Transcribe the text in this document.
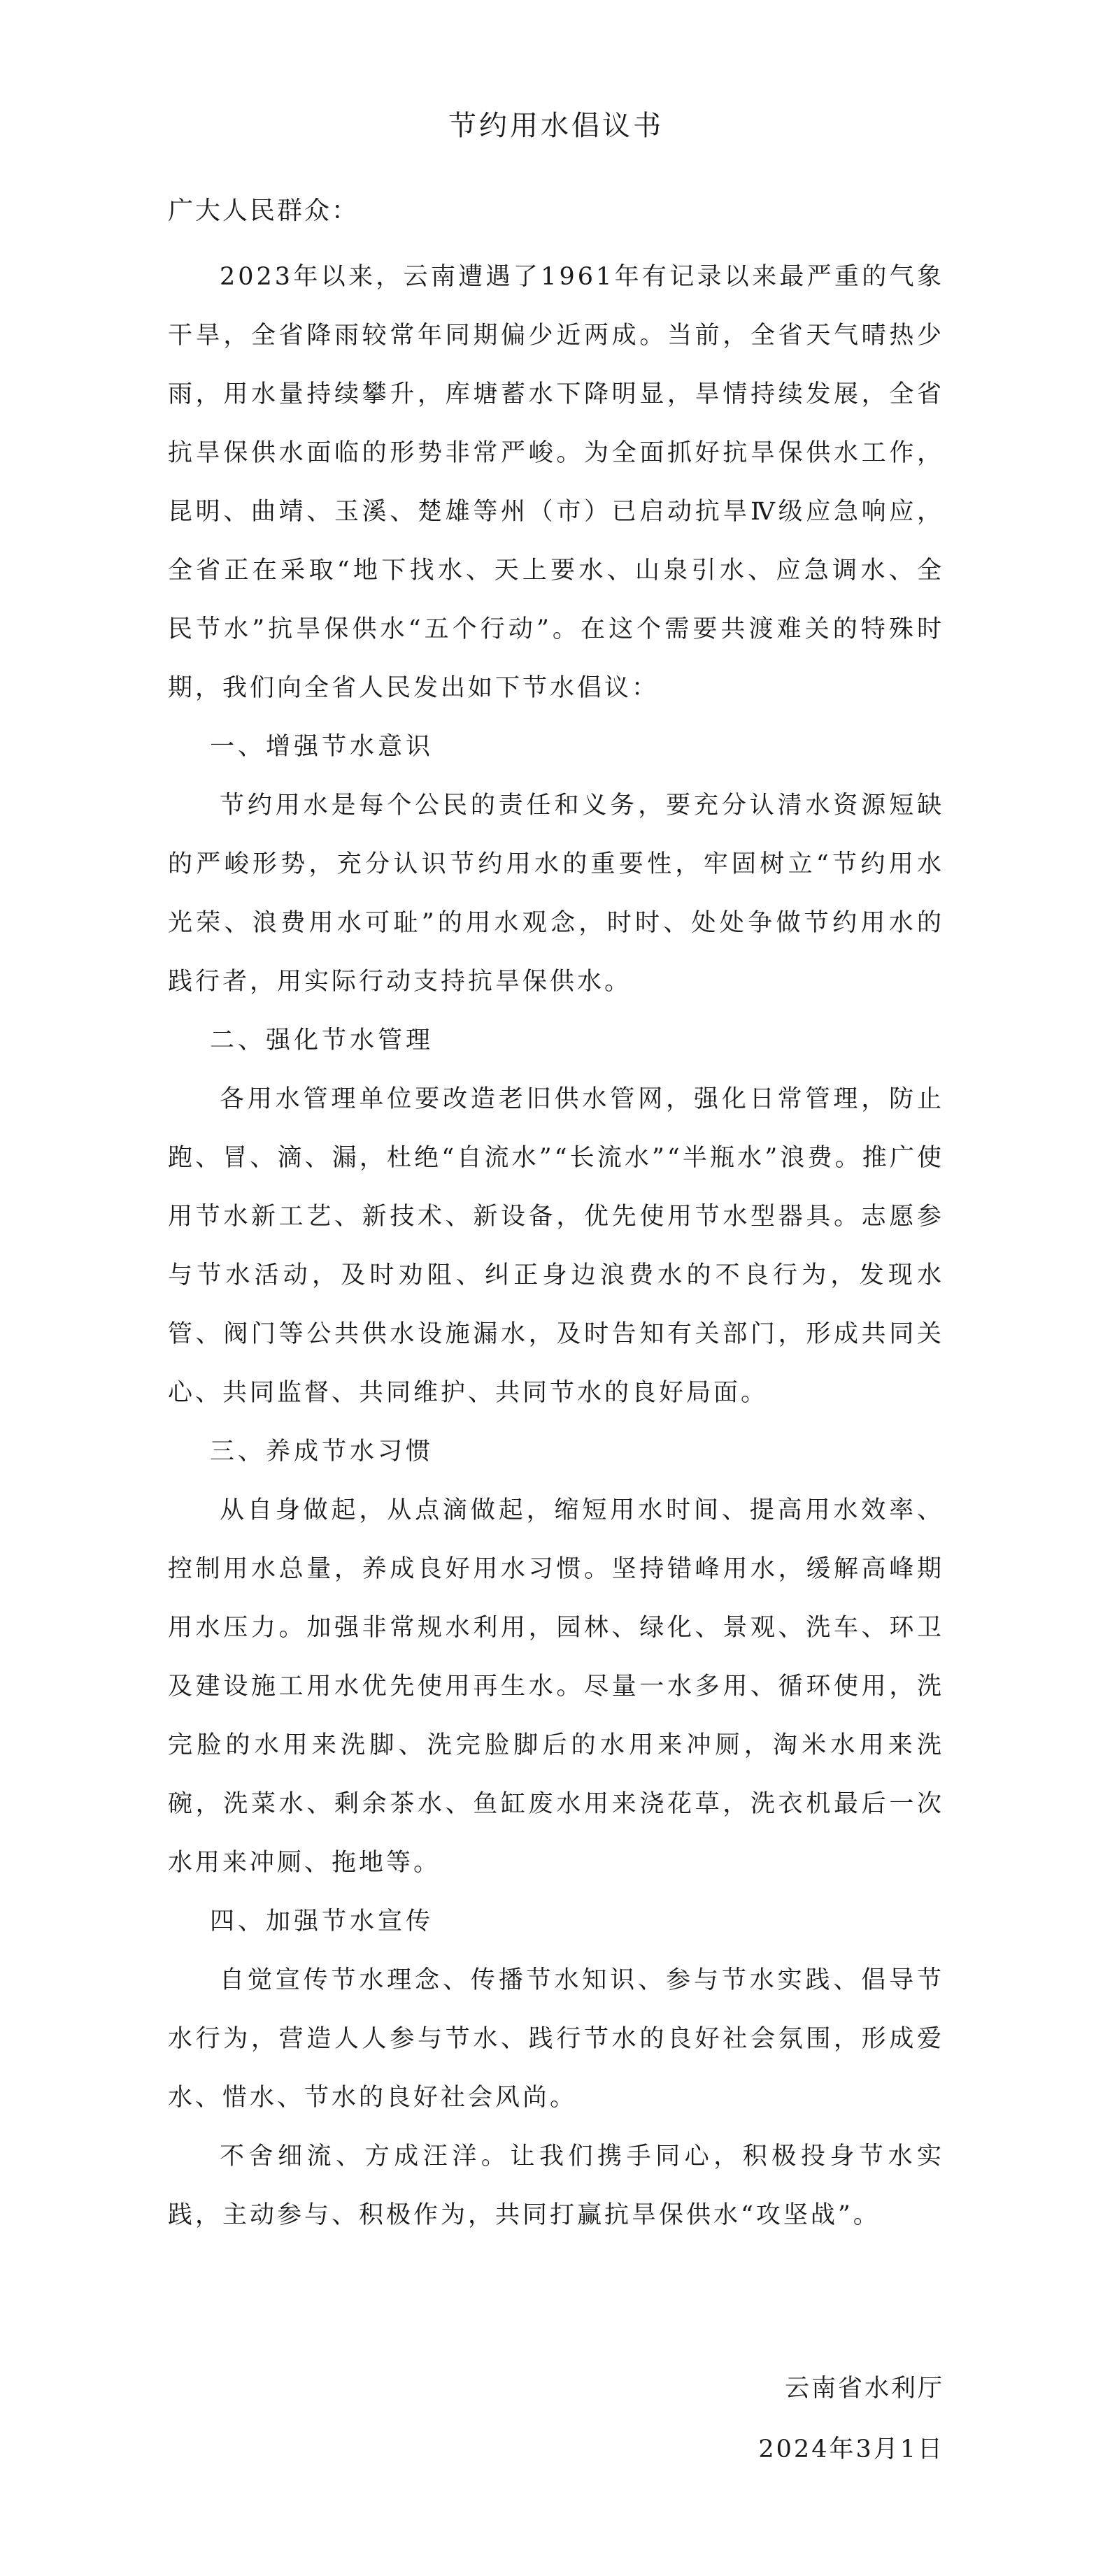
节约用水倡议书

广大人民群众：

2023年以来，云南遭遇了1961年有记录以来最严重的气象干旱，全省降雨较常年同期偏少近两成。当前，全省天气晴热少雨，用水量持续攀升，库塘蓄水下降明显，旱情持续发展，全省抗旱保供水面临的形势非常严峻。为全面抓好抗旱保供水工作，昆明、曲靖、玉溪、楚雄等州（市）已启动抗旱Ⅳ级应急响应，全省正在采取“地下找水、天上要水、山泉引水、应急调水、全民节水”抗旱保供水“五个行动”。在这个需要共渡难关的特殊时期，我们向全省人民发出如下节水倡议：

一、增强节水意识

节约用水是每个公民的责任和义务，要充分认清水资源短缺的严峻形势，充分认识节约用水的重要性，牢固树立“节约用水光荣、浪费用水可耻”的用水观念，时时、处处争做节约用水的践行者，用实际行动支持抗旱保供水。

二、强化节水管理

各用水管理单位要改造老旧供水管网，强化日常管理，防止跑、冒、滴、漏，杜绝“自流水”“长流水”“半瓶水”浪费。推广使用节水新工艺、新技术、新设备，优先使用节水型器具。志愿参与节水活动，及时劝阻、纠正身边浪费水的不良行为，发现水管、阀门等公共供水设施漏水，及时告知有关部门，形成共同关心、共同监督、共同维护、共同节水的良好局面。

三、养成节水习惯

从自身做起，从点滴做起，缩短用水时间、提高用水效率、控制用水总量，养成良好用水习惯。坚持错峰用水，缓解高峰期用水压力。加强非常规水利用，园林、绿化、景观、洗车、环卫及建设施工用水优先使用再生水。尽量一水多用、循环使用，洗完脸的水用来洗脚、洗完脸脚后的水用来冲厕，淘米水用来洗碗，洗菜水、剩余茶水、鱼缸废水用来浇花草，洗衣机最后一次水用来冲厕、拖地等。

四、加强节水宣传

自觉宣传节水理念、传播节水知识、参与节水实践、倡导节水行为，营造人人参与节水、践行节水的良好社会氛围，形成爱水、惜水、节水的良好社会风尚。

不舍细流、方成汪洋。让我们携手同心，积极投身节水实践，主动参与、积极作为，共同打赢抗旱保供水“攻坚战”。

云南省水利厅

2024年3月1日
